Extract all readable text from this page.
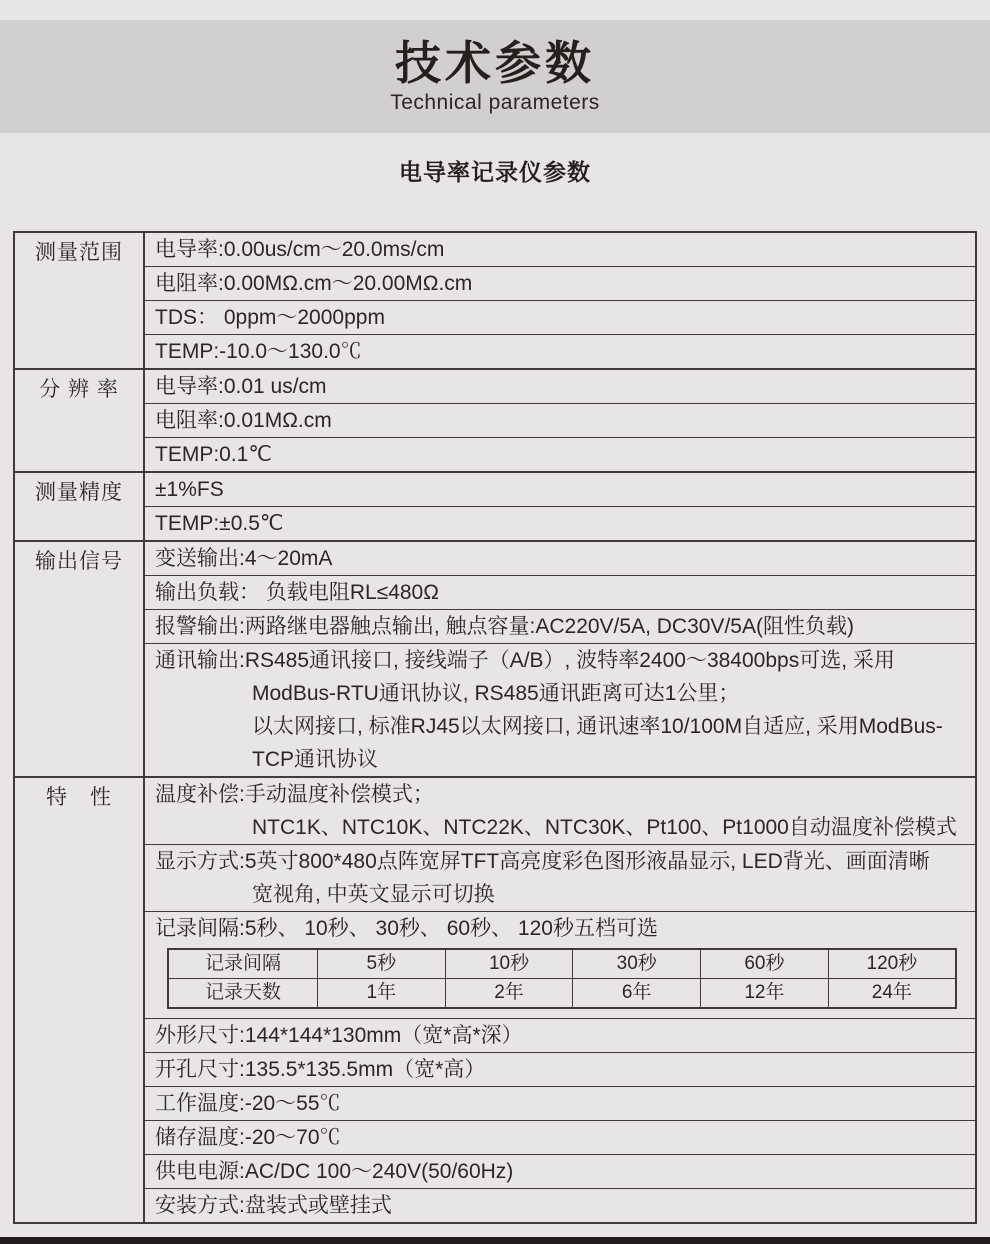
技术参数
Technical parameters
电导率记录仪参数
测量范围	电导率:0.00us/cm～20.0ms/cm

电阻率:0.00MΩ.cm～20.00MΩ.cm

TDS： 0ppm～2000ppm

TEMP:-10.0～130.0℃

分 辨 率	电导率:0.01 us/cm

电阻率:0.01MΩ.cm

TEMP:0.1℃

测量精度	±1%FS

TEMP:±0.5℃

输出信号	变送输出:4～20mA

输出负载： 负载电阻RL≤480Ω

报警输出:两路继电器触点输出, 触点容量:AC220V/5A, DC30V/5A(阻性负载)

通讯输出:RS485通讯接口, 接线端子（A/B）, 波特率2400～38400bps可选, 采用
ModBus-RTU通讯协议, RS485通讯距离可达1公里；
以太网接口, 标准RJ45以太网接口, 通讯速率10/100M自适应, 采用ModBus-
TCP通讯协议

特　性	温度补偿:手动温度补偿模式；
NTC1K、NTC10K、NTC22K、NTC30K、Pt100、Pt1000自动温度补偿模式

显示方式:5英寸800*480点阵宽屏TFT高亮度彩色图形液晶显示, LED背光、画面清晰
宽视角, 中英文显示可切换

记录间隔:5秒、 10秒、 30秒、 60秒、 120秒五档可选
记录间隔	5秒	10秒	30秒	60秒	120秒
记录天数	1年	2年	6年	12年	24年

外形尺寸:144*144*130mm（宽*高*深）

开孔尺寸:135.5*135.5mm（宽*高）

工作温度:-20～55℃

储存温度:-20～70℃

供电电源:AC/DC 100～240V(50/60Hz)

安装方式:盘装式或壁挂式
